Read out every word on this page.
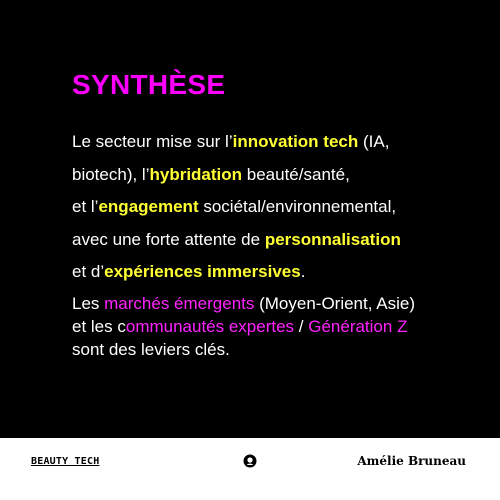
SYNTHÈSE

Le secteur mise sur l’innovation tech (IA,
biotech), l’hybridation beauté/santé,
et l’engagement sociétal/environnemental,
avec une forte attente de personnalisation
et d’expériences immersives.

Les marchés émergents (Moyen-Orient, Asie)
et les communautés expertes / Génération Z
sont des leviers clés.

BEAUTY TECH	Amélie Bruneau
